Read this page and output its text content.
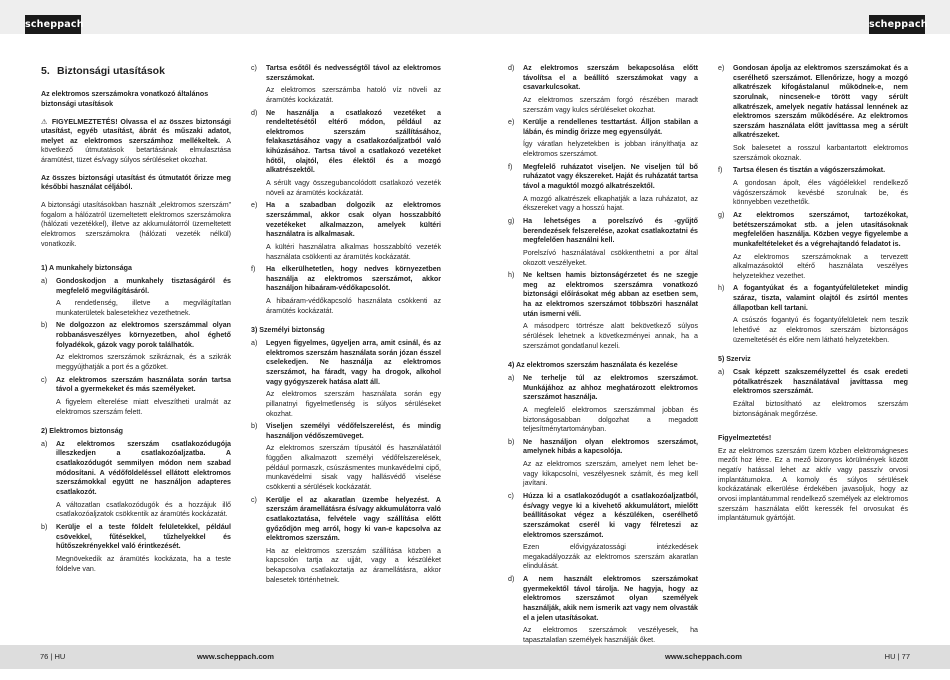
scheppach	scheppach
5. Biztonsági utasítások

Az elektromos szerszámokra vonatkozó általános biztonsági utasítások

⚠ FIGYELMEZTETÉS! Olvassa el az összes biztonsági utasítást, egyéb utasítást, ábrát és műszaki adatot, melyet az elektromos szerszámhoz mellékeltek. A következő útmutatások betartásának elmulasztása áramütést, tüzet és/vagy súlyos sérüléseket okozhat.

Az összes biztonsági utasítást és útmutatót őrizze meg későbbi használat céljából.

A biztonsági utasításokban használt „elektromos szerszám” fogalom a hálózatról üzemeltetett elektromos szerszámokra (hálózati vezetékkel), illetve az akkumulátorról üzemeltetett elektromos szerszámokra (hálózati vezeték nélkül) vonatkozik.

1) A munkahely biztonsága

a)	Gondoskodjon a munkahely tisztaságáról és megfelelő megvilágításáról.

A rendetlenség, illetve a megvilágítatlan munkaterületek balesetekhez vezethetnek.

b)	Ne dolgozzon az elektromos szerszámmal olyan robbanásveszélyes környezetben, ahol éghető folyadékok, gázok vagy porok találhatók.

Az elektromos szerszámok szikráznak, és a szikrák meggyújthatják a port és a gőzöket.

c)	Az elektromos szerszám használata során tartsa távol a gyermekeket és más személyeket.

A figyelem elterelése miatt elveszítheti uralmát az elektromos szerszám felett.

2) Elektromos biztonság

a)	Az elektromos szerszám csatlakozódugója illeszkedjen a csatlakozóaljzatba. A csatlakozódugót semmilyen módon nem szabad módosítani. A védőföldeléssel ellátott elektromos szerszámokkal együtt ne használjon adapteres csatlakozót.

A változatlan csatlakozódugók és a hozzájuk illő csatlakozóaljzatok csökkentik az áramütés kockázatát.

b)	Kerülje el a teste földelt felületekkel, például csövekkel, fűtésekkel, tűzhelyekkel és hűtőszekrényekkel való érintkezését.

Megnövekedik az áramütés kockázata, ha a teste földelve van.

c)	Tartsa esőtől és nedvességtől távol az elektromos szerszámokat.

Az elektromos szerszámba hatoló víz növeli az áramütés kockázatát.

d)	Ne használja a csatlakozó vezetéket a rendeltetésétől eltérő módon, például az elektromos szerszám szállításához, felakasztásához vagy a csatlakozóaljzatból való kihúzásához. Tartsa távol a csatlakozó vezetéket hőtől, olajtól, éles élektől és a mozgó alkatrészektől.

A sérült vagy összegubancolódott csatlakozó vezeték növeli az áramütés kockázatát.

e)	Ha a szabadban dolgozik az elektromos szerszámmal, akkor csak olyan hosszabbító vezetékeket alkalmazzon, amelyek kültéri használatra is alkalmasak.

A kültéri használatra alkalmas hosszabbító vezeték használata csökkenti az áramütés kockázatát.

f)	Ha elkerülhetetlen, hogy nedves környezetben használja az elektromos szerszámot, akkor használjon hibaáram-védőkapcsolót.

A hibaáram-védőkapcsoló használata csökkenti az áramütés kockázatát.

3) Személyi biztonság

a)	Legyen figyelmes, ügyeljen arra, amit csinál, és az elektromos szerszám használata során józan ésszel cselekedjen. Ne használja az elektromos szerszámot, ha fáradt, vagy ha drogok, alkohol vagy gyógyszerek hatása alatt áll.

Az elektromos szerszám használata során egy pillanatnyi figyelmetlenség is súlyos sérüléseket okozhat.

b)	Viseljen személyi védőfelszerelést, és mindig használjon védőszemüveget.

Az elektromos szerszám típusától és használatától függően alkalmazott személyi védőfelszerelések, például pormaszk, csúszásmentes munkavédelmi cipő, munkavédelmi sisak vagy hallásvédő viselése csökkenti a sérülések kockázatát.

c)	Kerülje el az akaratlan üzembe helyezést. A szerszám áramellátásra és/vagy akkumulátorra való csatlakoztatása, felvétele vagy szállítása előtt győződjön meg arról, hogy ki van-e kapcsolva az elektromos szerszám.

Ha az elektromos szerszám szállítása közben a kapcsolón tartja az ujját, vagy a készüléket bekapcsolva csatlakoztatja az áramellátásra, akkor balesetek történhetnek.

d)	Az elektromos szerszám bekapcsolása előtt távolítsa el a beállító szerszámokat vagy a csavarkulcsokat.

Az elektromos szerszám forgó részében maradt szerszám vagy kulcs sérüléseket okozhat.

e)	Kerülje a rendellenes testtartást. Álljon stabilan a lábán, és mindig őrizze meg egyensúlyát.

Így váratlan helyzetekben is jobban irányíthatja az elektromos szerszámot.

f)	Megfelelő ruházatot viseljen. Ne viseljen túl bő ruházatot vagy ékszereket. Haját és ruházatát tartsa távol a maguktól mozgó alkatrészektől.

A mozgó alkatrészek elkaphatják a laza ruházatot, az ékszereket vagy a hosszú hajat.

g)	Ha lehetséges a porelszívó és -gyűjtő berendezések felszerelése, azokat csatlakoztatni és megfelelően használni kell.

Porelszívó használatával csökkenthetni a por által okozott veszélyeket.

h)	Ne keltsen hamis biztonságérzetet és ne szegje meg az elektromos szerszámra vonatkozó biztonsági előírásokat még abban az esetben sem, ha az elektromos szerszámot többszöri használat után ismerni véli.

A másodperc törtrésze alatt bekövetkező súlyos sérülések lehetnek a következményei annak, ha a szerszámot gondatlanul kezeli.

4) Az elektromos szerszám használata és kezelése

a)	Ne terhelje túl az elektromos szerszámot. Munkájához az ahhoz meghatározott elektromos szerszámot használja.

A megfelelő elektromos szerszámmal jobban és biztonságosabban dolgozhat a megadott teljesítménytartományban.

b)	Ne használjon olyan elektromos szerszámot, amelynek hibás a kapcsolója.

Az az elektromos szerszám, amelyet nem lehet be- vagy kikapcsolni, veszélyesnek számít, és meg kell javítani.

c)	Húzza ki a csatlakozódugót a csatlakozóaljzatból, és/vagy vegye ki a kivehető akkumulátort, mielőtt beállításokat végez a készüléken, cserélhető szerszámokat cserél ki vagy félreteszi az elektromos szerszámot.

Ezen elővigyázatossági intézkedések megakadályozzák az elektromos szerszám akaratlan elindulását.

d)	A nem használt elektromos szerszámokat gyermekektől távol tárolja. Ne hagyja, hogy az elektromos szerszámot olyan személyek használják, akik nem ismerik azt vagy nem olvasták el a jelen utasításokat.

Az elektromos szerszámok veszélyesek, ha tapasztalatlan személyek használják őket.

e)	Gondosan ápolja az elektromos szerszámokat és a cserélhető szerszámot. Ellenőrizze, hogy a mozgó alkatrészek kifogástalanul működnek-e, nem szorulnak, nincsenek-e törött vagy sérült alkatrészek, amelyek negatív hatással lennének az elektromos szerszám működésére. Az elektromos szerszám használata előtt javíttassa meg a sérült alkatrészeket.

Sok balesetet a rosszul karbantartott elektromos szerszámok okoznak.

f)	Tartsa élesen és tisztán a vágószerszámokat.

A gondosan ápolt, éles vágóélekkel rendelkező vágószerszámok kevésbé szorulnak be, és könnyebben vezethetők.

g)	Az elektromos szerszámot, tartozékokat, betétszerszámokat stb. a jelen utasításoknak megfelelően használja. Közben vegye figyelembe a munkafeltételeket és a végrehajtandó feladatot is.

Az elektromos szerszámoknak a tervezett alkalmazásoktól eltérő használata veszélyes helyzetekhez vezethet.

h)	A fogantyúkat és a fogantyúfelületeket mindig száraz, tiszta, valamint olajtól és zsírtól mentes állapotban kell tartani.

A csúszós fogantyú és fogantyúfelületek nem teszik lehetővé az elektromos szerszám biztonságos üzemeltetését és előre nem látható helyzetekben.

5) Szerviz

a)	Csak képzett szakszemélyzettel és csak eredeti pótalkatrészek használatával javíttassa meg elektromos szerszámát.

Ezáltal biztosítható az elektromos szerszám biztonságának megőrzése.

Figyelmeztetés!

Ez az elektromos szerszám üzem közben elektromágneses mezőt hoz létre. Ez a mező bizonyos körülmények között negatív hatással lehet az aktív vagy passzív orvosi implantátumokra. A komoly és súlyos sérülések kockázatának elkerülése érdekében javasoljuk, hogy az orvosi implantátummal rendelkező személyek az elektromos szerszám használata előtt keressék fel orvosukat és implantátumuk gyártóját.

76 | HU	www.scheppach.com	www.scheppach.com	HU | 77
